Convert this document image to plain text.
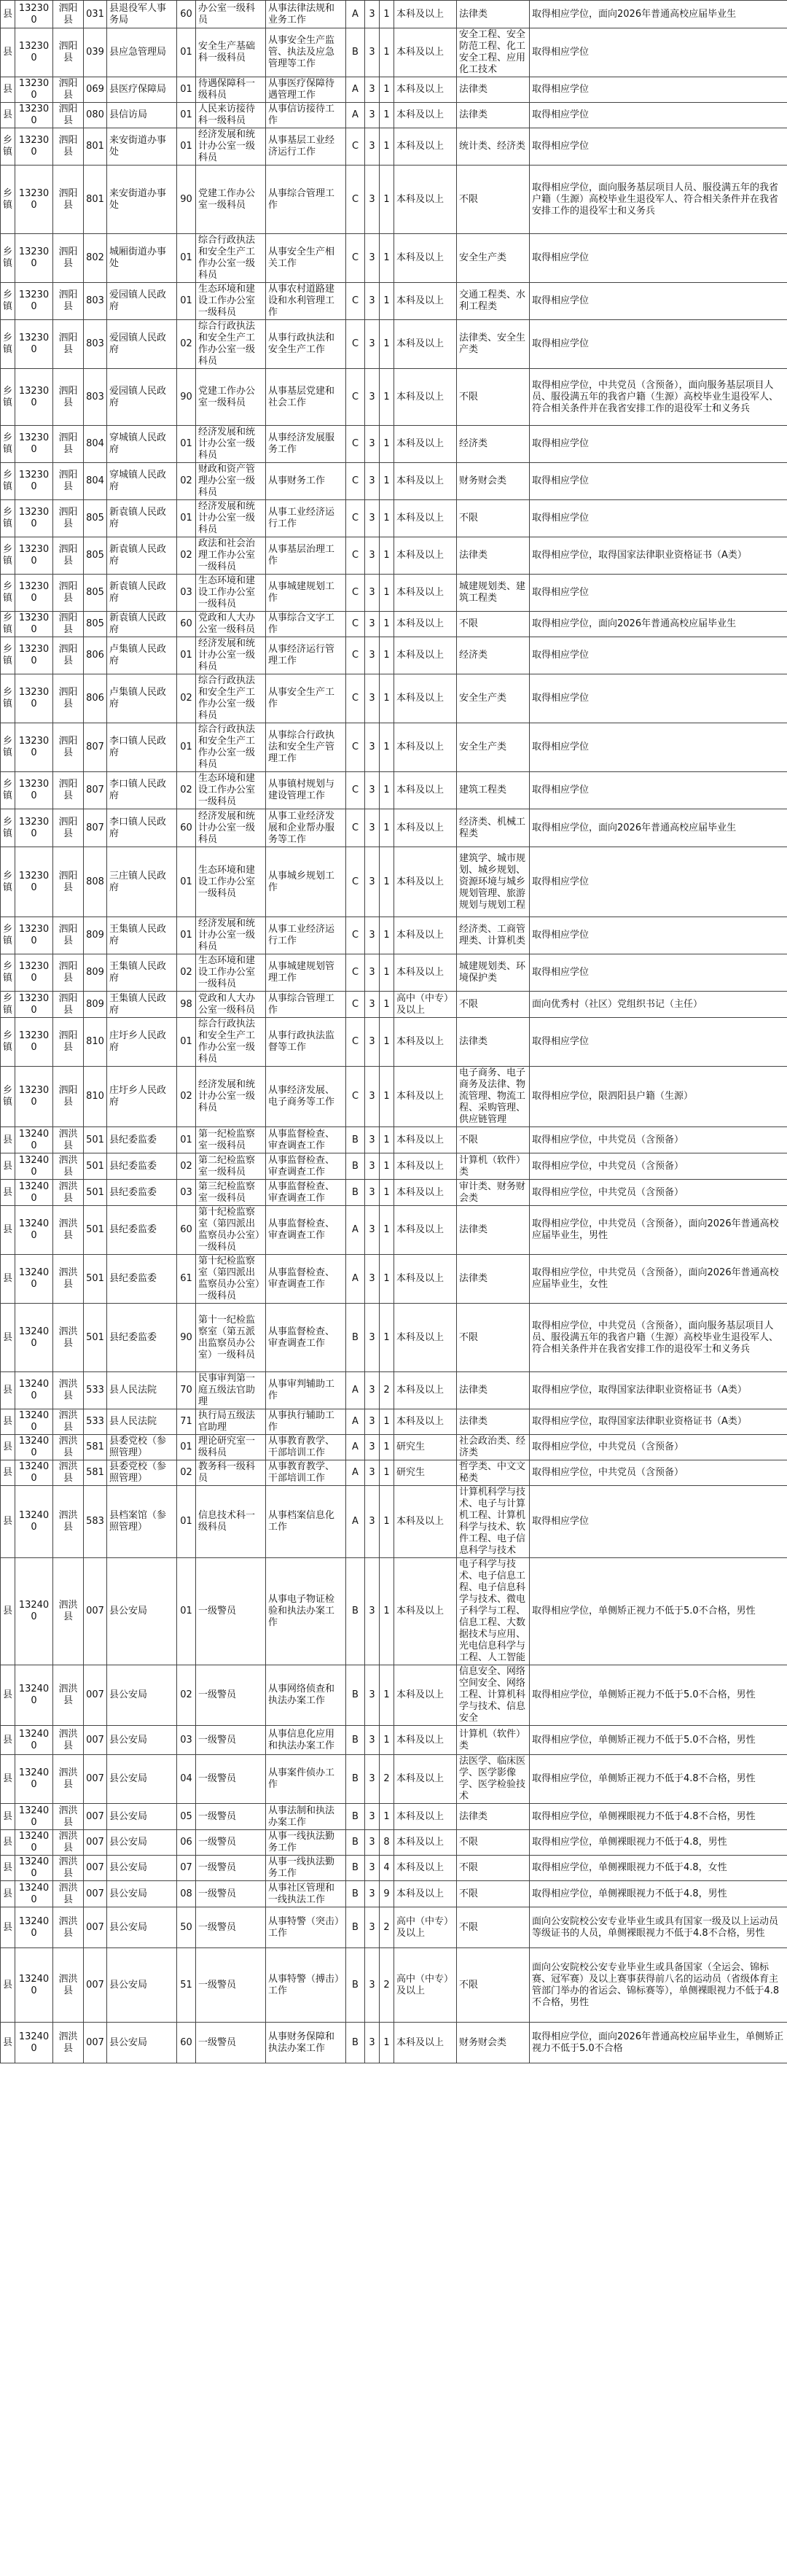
县	132300	泗阳县	031	县退役军人事务局	60	办公室一级科员	从事法律法规和业务工作	A	3	1	本科及以上	法律类	取得相应学位，面向2026年普通高校应届毕业生
县	132300	泗阳县	039	县应急管理局	01	安全生产基础科一级科员	从事安全生产监管、执法及应急管理等工作	B	3	1	本科及以上	安全工程、安全防范工程、化工安全工程、应用化工技术	取得相应学位
县	132300	泗阳县	069	县医疗保障局	01	待遇保障科一级科员	从事医疗保障待遇管理工作	A	3	1	本科及以上	法律类	取得相应学位
县	132300	泗阳县	080	县信访局	01	人民来访接待科一级科员	从事信访接待工作	A	3	1	本科及以上	法律类	取得相应学位
乡镇	132300	泗阳县	801	来安街道办事处	01	经济发展和统计办公室一级科员	从事基层工业经济运行工作	C	3	1	本科及以上	统计类、经济类	取得相应学位
乡镇	132300	泗阳县	801	来安街道办事处	90	党建工作办公室一级科员	从事综合管理工作	C	3	1	本科及以上	不限	取得相应学位，面向服务基层项目人员、服役满五年的我省户籍（生源）高校毕业生退役军人、符合相关条件并在我省安排工作的退役军士和义务兵
乡镇	132300	泗阳县	802	城厢街道办事处	01	综合行政执法和安全生产工作办公室一级科员	从事安全生产相关工作	C	3	1	本科及以上	安全生产类	取得相应学位
乡镇	132300	泗阳县	803	爱园镇人民政府	01	生态环境和建设工作办公室一级科员	从事农村道路建设和水利管理工作	C	3	1	本科及以上	交通工程类、水利工程类	取得相应学位
乡镇	132300	泗阳县	803	爱园镇人民政府	02	综合行政执法和安全生产工作办公室一级科员	从事行政执法和安全生产工作	C	3	1	本科及以上	法律类、安全生产类	取得相应学位
乡镇	132300	泗阳县	803	爱园镇人民政府	90	党建工作办公室一级科员	从事基层党建和社会工作	C	3	1	本科及以上	不限	取得相应学位，中共党员（含预备），面向服务基层项目人员、服役满五年的我省户籍（生源）高校毕业生退役军人、符合相关条件并在我省安排工作的退役军士和义务兵
乡镇	132300	泗阳县	804	穿城镇人民政府	01	经济发展和统计办公室一级科员	从事经济发展服务工作	C	3	1	本科及以上	经济类	取得相应学位
乡镇	132300	泗阳县	804	穿城镇人民政府	02	财政和资产管理办公室一级科员	从事财务工作	C	3	1	本科及以上	财务财会类	取得相应学位
乡镇	132300	泗阳县	805	新袁镇人民政府	01	经济发展和统计办公室一级科员	从事工业经济运行工作	C	3	1	本科及以上	不限	取得相应学位
乡镇	132300	泗阳县	805	新袁镇人民政府	02	政法和社会治理工作办公室一级科员	从事基层治理工作	C	3	1	本科及以上	法律类	取得相应学位，取得国家法律职业资格证书（A类）
乡镇	132300	泗阳县	805	新袁镇人民政府	03	生态环境和建设工作办公室一级科员	从事城建规划工作	C	3	1	本科及以上	城建规划类、建筑工程类	取得相应学位
乡镇	132300	泗阳县	805	新袁镇人民政府	60	党政和人大办公室一级科员	从事综合文字工作	C	3	1	本科及以上	不限	取得相应学位，面向2026年普通高校应届毕业生
乡镇	132300	泗阳县	806	卢集镇人民政府	01	经济发展和统计办公室一级科员	从事经济运行管理工作	C	3	1	本科及以上	经济类	取得相应学位
乡镇	132300	泗阳县	806	卢集镇人民政府	02	综合行政执法和安全生产工作办公室一级科员	从事安全生产工作	C	3	1	本科及以上	安全生产类	取得相应学位
乡镇	132300	泗阳县	807	李口镇人民政府	01	综合行政执法和安全生产工作办公室一级科员	从事综合行政执法和安全生产管理工作	C	3	1	本科及以上	安全生产类	取得相应学位
乡镇	132300	泗阳县	807	李口镇人民政府	02	生态环境和建设工作办公室一级科员	从事镇村规划与建设管理工作	C	3	1	本科及以上	建筑工程类	取得相应学位
乡镇	132300	泗阳县	807	李口镇人民政府	60	经济发展和统计办公室一级科员	从事工业经济发展和企业帮办服务等工作	C	3	1	本科及以上	经济类、机械工程类	取得相应学位，面向2026年普通高校应届毕业生
乡镇	132300	泗阳县	808	三庄镇人民政府	01	生态环境和建设工作办公室一级科员	从事城乡规划工作	C	3	1	本科及以上	建筑学、城市规划、城乡规划、资源环境与城乡规划管理、旅游规划与规划工程	取得相应学位
乡镇	132300	泗阳县	809	王集镇人民政府	01	经济发展和统计办公室一级科员	从事工业经济运行工作	C	3	1	本科及以上	经济类、工商管理类、计算机类	取得相应学位
乡镇	132300	泗阳县	809	王集镇人民政府	02	生态环境和建设工作办公室一级科员	从事城建规划管理工作	C	3	1	本科及以上	城建规划类、环境保护类	取得相应学位
乡镇	132300	泗阳县	809	王集镇人民政府	98	党政和人大办公室一级科员	从事综合管理工作	C	3	1	高中（中专）及以上	不限	面向优秀村（社区）党组织书记（主任）
乡镇	132300	泗阳县	810	庄圩乡人民政府	01	综合行政执法和安全生产工作办公室一级科员	从事行政执法监督等工作	C	3	1	本科及以上	法律类	取得相应学位
乡镇	132300	泗阳县	810	庄圩乡人民政府	02	经济发展和统计办公室一级科员	从事经济发展、电子商务等工作	C	3	1	本科及以上	电子商务、电子商务及法律、物流管理、物流工程、采购管理、供应链管理	取得相应学位，限泗阳县户籍（生源）
县	132400	泗洪县	501	县纪委监委	01	第一纪检监察室一级科员	从事监督检查、审查调查工作	B	3	1	本科及以上	不限	取得相应学位，中共党员（含预备）
县	132400	泗洪县	501	县纪委监委	02	第二纪检监察室一级科员	从事监督检查、审查调查工作	B	3	1	本科及以上	计算机（软件）类	取得相应学位，中共党员（含预备）
县	132400	泗洪县	501	县纪委监委	03	第三纪检监察室一级科员	从事监督检查、审查调查工作	B	3	1	本科及以上	审计类、财务财会类	取得相应学位，中共党员（含预备）
县	132400	泗洪县	501	县纪委监委	60	第十纪检监察室（第四派出监察员办公室）一级科员	从事监督检查、审查调查工作	A	3	1	本科及以上	法律类	取得相应学位，中共党员（含预备），面向2026年普通高校应届毕业生，男性
县	132400	泗洪县	501	县纪委监委	61	第十纪检监察室（第四派出监察员办公室）一级科员	从事监督检查、审查调查工作	A	3	1	本科及以上	法律类	取得相应学位，中共党员（含预备），面向2026年普通高校应届毕业生，女性
县	132400	泗洪县	501	县纪委监委	90	第十一纪检监察室（第五派出监察员办公室）一级科员	从事监督检查、审查调查工作	B	3	1	本科及以上	不限	取得相应学位，中共党员（含预备），面向服务基层项目人员、服役满五年的我省户籍（生源）高校毕业生退役军人、符合相关条件并在我省安排工作的退役军士和义务兵
县	132400	泗洪县	533	县人民法院	70	民事审判第一庭五级法官助理	从事审判辅助工作	A	3	2	本科及以上	法律类	取得相应学位，取得国家法律职业资格证书（A类）
县	132400	泗洪县	533	县人民法院	71	执行局五级法官助理	从事执行辅助工作	A	3	1	本科及以上	法律类	取得相应学位，取得国家法律职业资格证书（A类）
县	132400	泗洪县	581	县委党校（参照管理）	01	理论研究室一级科员	从事教育教学、干部培训工作	A	3	1	研究生	社会政治类、经济类	取得相应学位，中共党员（含预备）
县	132400	泗洪县	581	县委党校（参照管理）	02	教务科一级科员	从事教育教学、干部培训工作	A	3	1	研究生	哲学类、中文文秘类	取得相应学位，中共党员（含预备）
县	132400	泗洪县	583	县档案馆（参照管理）	01	信息技术科一级科员	从事档案信息化工作	A	3	1	本科及以上	计算机科学与技术、电子与计算机工程、计算机科学与技术、软件工程、电子信息科学与技术	取得相应学位
县	132400	泗洪县	007	县公安局	01	一级警员	从事电子物证检验和执法办案工作	B	3	1	本科及以上	电子科学与技术、电子信息工程、电子信息科学与技术、微电子科学与工程、信息工程、大数据技术与应用、光电信息科学与工程、人工智能	取得相应学位，单侧矫正视力不低于5.0不合格，男性
县	132400	泗洪县	007	县公安局	02	一级警员	从事网络侦查和执法办案工作	B	3	1	本科及以上	信息安全、网络空间安全、网络工程、计算机科学与技术、信息安全	取得相应学位，单侧矫正视力不低于5.0不合格，男性
县	132400	泗洪县	007	县公安局	03	一级警员	从事信息化应用和执法办案工作	B	3	1	本科及以上	计算机（软件）类	取得相应学位，单侧矫正视力不低于5.0不合格，男性
县	132400	泗洪县	007	县公安局	04	一级警员	从事案件侦办工作	B	3	2	本科及以上	法医学、临床医学、医学影像学、医学检验技术	取得相应学位，单侧矫正视力不低于4.8不合格，男性
县	132400	泗洪县	007	县公安局	05	一级警员	从事法制和执法办案工作	B	3	1	本科及以上	法律类	取得相应学位，单侧裸眼视力不低于4.8不合格，男性
县	132400	泗洪县	007	县公安局	06	一级警员	从事一线执法勤务工作	B	3	8	本科及以上	不限	取得相应学位，单侧裸眼视力不低于4.8，男性
县	132400	泗洪县	007	县公安局	07	一级警员	从事一线执法勤务工作	B	3	4	本科及以上	不限	取得相应学位，单侧裸眼视力不低于4.8，女性
县	132400	泗洪县	007	县公安局	08	一级警员	从事社区管理和一线执法工作	B	3	9	本科及以上	不限	取得相应学位，单侧裸眼视力不低于4.8，男性
县	132400	泗洪县	007	县公安局	50	一级警员	从事特警（突击）工作	B	3	2	高中（中专）及以上	不限	面向公安院校公安专业毕业生或具有国家一级及以上运动员等级证书的人员，单侧裸眼视力不低于4.8不合格，男性
县	132400	泗洪县	007	县公安局	51	一级警员	从事特警（搏击）工作	B	3	2	高中（中专）及以上	不限	面向公安院校公安专业毕业生或具备国家（全运会、锦标赛、冠军赛）及以上赛事获得前八名的运动员（省级体育主管部门举办的省运会、锦标赛等），单侧裸眼视力不低于4.8不合格，男性
县	132400	泗洪县	007	县公安局	60	一级警员	从事财务保障和执法办案工作	B	3	1	本科及以上	财务财会类	取得相应学位，面向2026年普通高校应届毕业生，单侧矫正视力不低于5.0不合格
